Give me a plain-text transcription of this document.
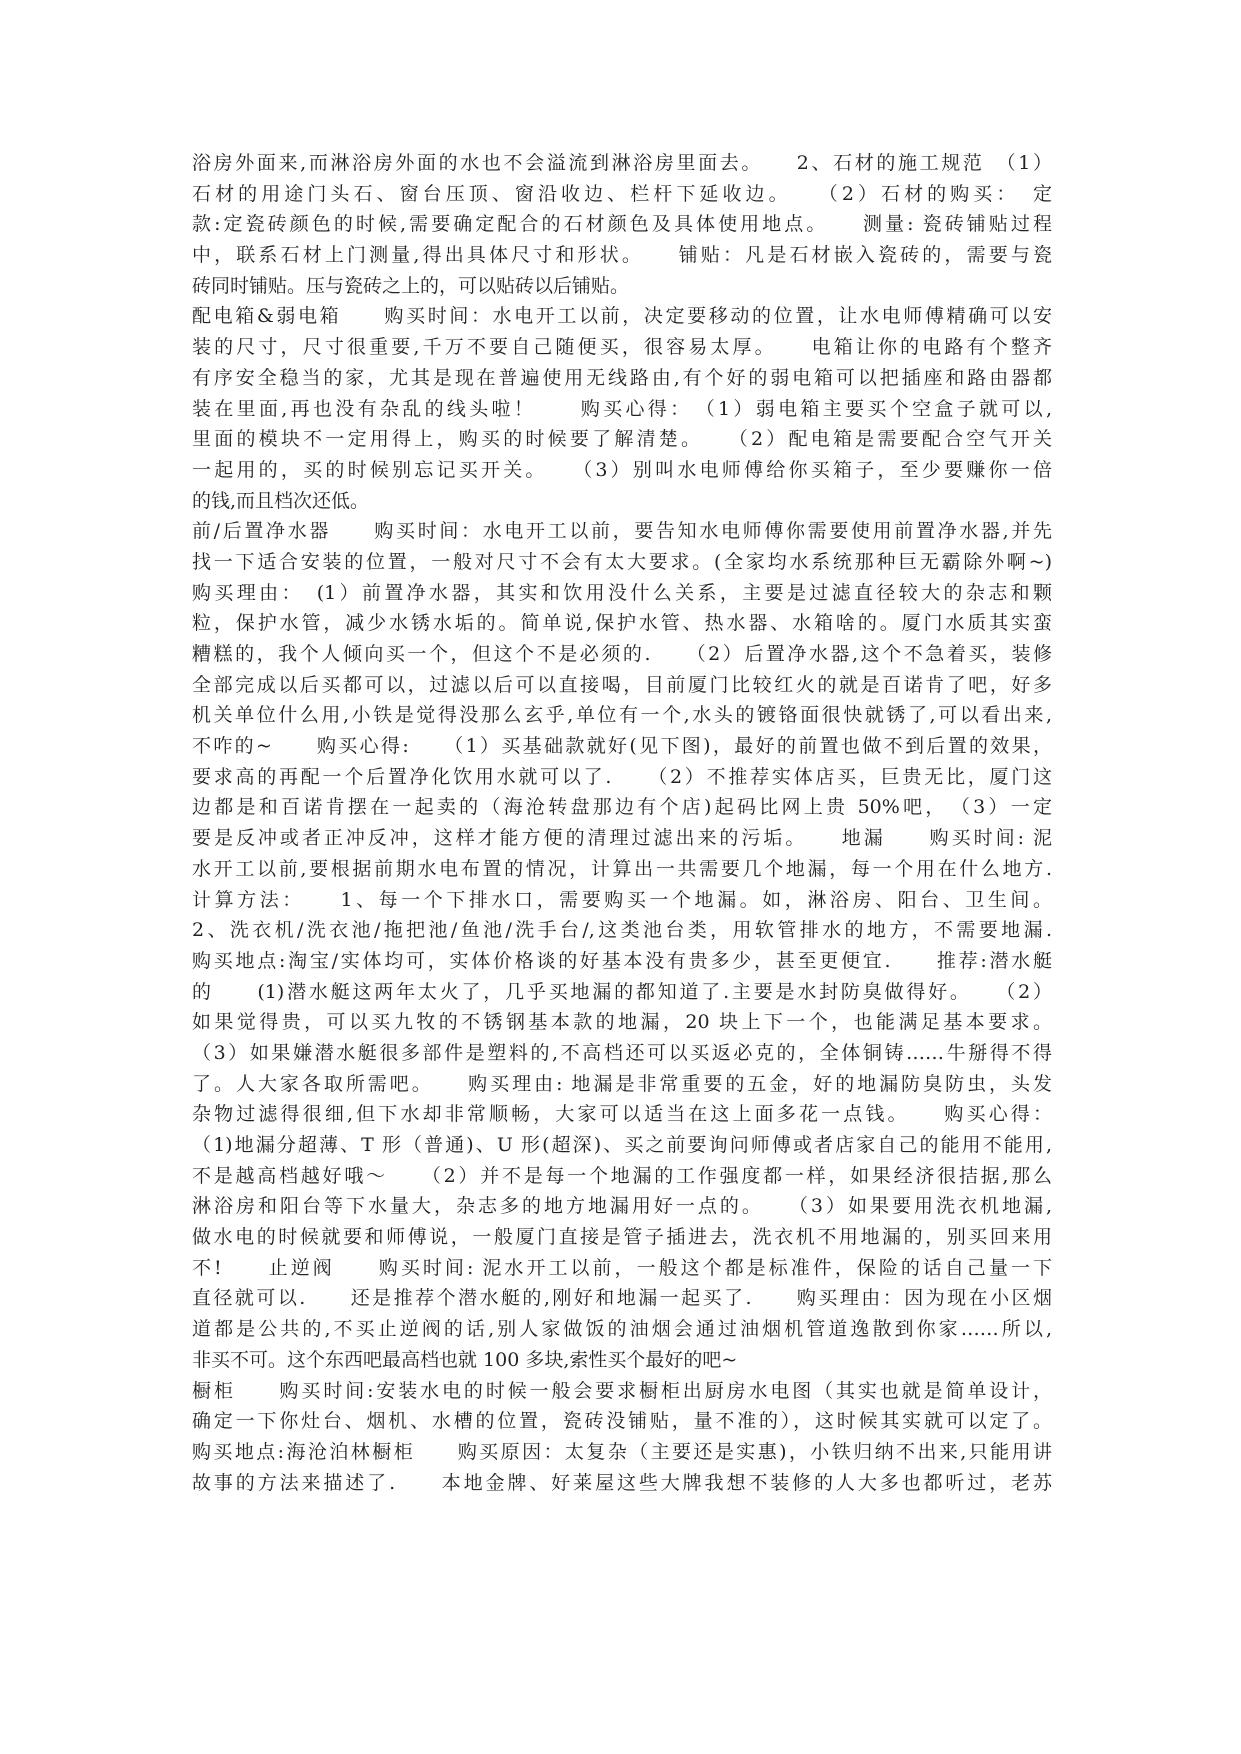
浴房外面来,而淋浴房外面的水也不会溢流到淋浴房里面去。　　2、石材的施工规范　（1）
石材的用途门头石、窗台压顶、窗沿收边、栏杆下延收边。　　（2）石材的购买：　定
款:定瓷砖颜色的时候,需要确定配合的石材颜色及具体使用地点。　　测量: 瓷砖铺贴过程
中，联系石材上门测量,得出具体尺寸和形状。　　铺贴：凡是石材嵌入瓷砖的，需要与瓷
砖同时铺贴。压与瓷砖之上的，可以贴砖以后铺贴。
配电箱&弱电箱　　购买时间：水电开工以前，决定要移动的位置，让水电师傅精确可以安
装的尺寸，尺寸很重要,千万不要自己随便买，很容易太厚。　　电箱让你的电路有个整齐
有序安全稳当的家，尤其是现在普遍使用无线路由,有个好的弱电箱可以把插座和路由器都
装在里面,再也没有杂乱的线头啦！　　购买心得：　（1）弱电箱主要买个空盒子就可以,
里面的模块不一定用得上，购买的时候要了解清楚。　　（2）配电箱是需要配合空气开关
一起用的，买的时候别忘记买开关。　　（3）别叫水电师傅给你买箱子，至少要赚你一倍
的钱,而且档次还低。
前/后置净水器　　购买时间：水电开工以前，要告知水电师傅你需要使用前置净水器,并先
找一下适合安装的位置，一般对尺寸不会有太大要求。(全家均水系统那种巨无霸除外啊~)
购买理由：　(1）前置净水器，其实和饮用没什么关系，主要是过滤直径较大的杂志和颗
粒，保护水管，减少水锈水垢的。简单说,保护水管、热水器、水箱啥的。厦门水质其实蛮
糟糕的，我个人倾向买一个，但这个不是必须的.　　（2）后置净水器,这个不急着买，装修
全部完成以后买都可以，过滤以后可以直接喝，目前厦门比较红火的就是百诺肯了吧，好多
机关单位什么用,小铁是觉得没那么玄乎,单位有一个,水头的镀铬面很快就锈了,可以看出来,
不咋的~　　购买心得:　　（1）买基础款就好(见下图)，最好的前置也做不到后置的效果，
要求高的再配一个后置净化饮用水就可以了.　　（2）不推荐实体店买，巨贵无比，厦门这
边都是和百诺肯摆在一起卖的（海沧转盘那边有个店)起码比网上贵 50%吧，　（3）一定
要是反冲或者正冲反冲，这样才能方便的清理过滤出来的污垢。　　地漏　　购买时间: 泥
水开工以前,要根据前期水电布置的情况，计算出一共需要几个地漏，每一个用在什么地方.
计算方法：　　1、每一个下排水口，需要购买一个地漏。如，淋浴房、阳台、卫生间。
2、洗衣机/洗衣池/拖把池/鱼池/洗手台/,这类池台类，用软管排水的地方，不需要地漏.
购买地点:淘宝/实体均可，实体价格谈的好基本没有贵多少，甚至更便宜.　　推荐:潜水艇
的　　(1)潜水艇这两年太火了，几乎买地漏的都知道了.主要是水封防臭做得好。　　（2）
如果觉得贵，可以买九牧的不锈钢基本款的地漏，20 块上下一个，也能满足基本要求。
（3）如果嫌潜水艇很多部件是塑料的,不高档还可以买返必克的，全体铜铸……牛掰得不得
了。人大家各取所需吧。　　购买理由: 地漏是非常重要的五金，好的地漏防臭防虫，头发
杂物过滤得很细,但下水却非常顺畅，大家可以适当在这上面多花一点钱。　　购买心得：
（1)地漏分超薄、T 形（普通)、U 形(超深)、买之前要询问师傅或者店家自己的能用不能用,
不是越高档越好哦～　　（2）并不是每一个地漏的工作强度都一样，如果经济很拮据,那么
淋浴房和阳台等下水量大，杂志多的地方地漏用好一点的。　　（3）如果要用洗衣机地漏,
做水电的时候就要和师傅说，一般厦门直接是管子插进去，洗衣机不用地漏的，别买回来用
不!　　止逆阀　　购买时间: 泥水开工以前，一般这个都是标准件，保险的话自己量一下
直径就可以.　　还是推荐个潜水艇的,刚好和地漏一起买了.　　购买理由：因为现在小区烟
道都是公共的,不买止逆阀的话,别人家做饭的油烟会通过油烟机管道逸散到你家……所以,
非买不可。这个东西吧最高档也就 100 多块,索性买个最好的吧~
橱柜　　购买时间:安装水电的时候一般会要求橱柜出厨房水电图（其实也就是简单设计，
确定一下你灶台、烟机、水槽的位置，瓷砖没铺贴，量不准的），这时候其实就可以定了。
购买地点:海沧泊林橱柜　　购买原因：太复杂（主要还是实惠)，小铁归纳不出来,只能用讲
故事的方法来描述了.　　本地金牌、好莱屋这些大牌我想不装修的人大多也都听过，老苏
